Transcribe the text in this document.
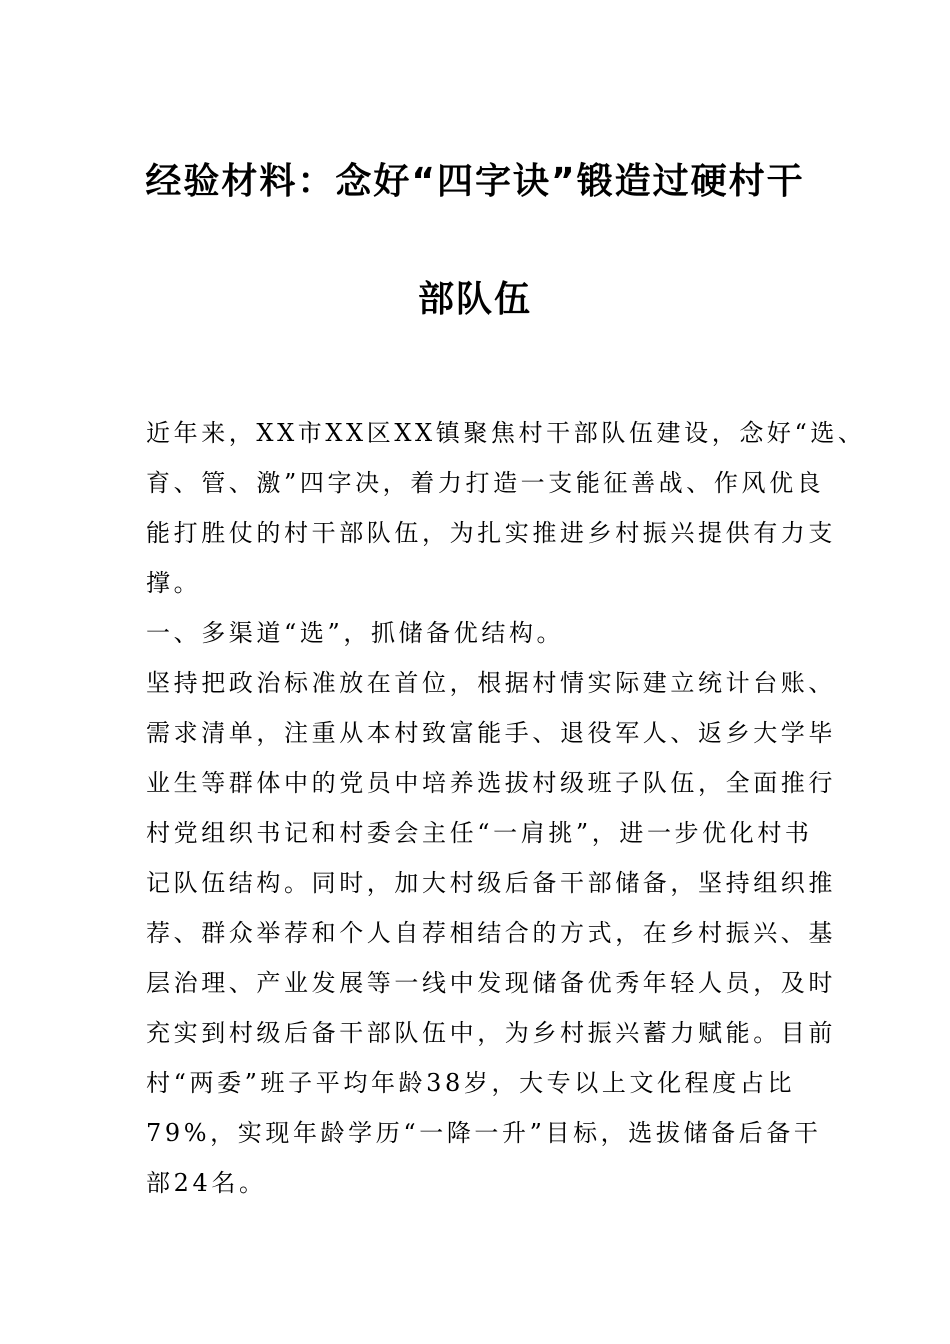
经验材料：念好“四字诀”锻造过硬村干
部队伍
近年来，XX市XX区XX镇聚焦村干部队伍建设，念好“选、
育、管、激”四字决，着力打造一支能征善战、作风优良
能打胜仗的村干部队伍，为扎实推进乡村振兴提供有力支
撑。
一、多渠道“选”，抓储备优结构。
坚持把政治标准放在首位，根据村情实际建立统计台账、
需求清单，注重从本村致富能手、退役军人、返乡大学毕
业生等群体中的党员中培养选拔村级班子队伍，全面推行
村党组织书记和村委会主任“一肩挑”，进一步优化村书
记队伍结构。同时，加大村级后备干部储备，坚持组织推
荐、群众举荐和个人自荐相结合的方式，在乡村振兴、基
层治理、产业发展等一线中发现储备优秀年轻人员，及时
充实到村级后备干部队伍中，为乡村振兴蓄力赋能。目前
村“两委”班子平均年龄38岁，大专以上文化程度占比
79%，实现年龄学历“一降一升”目标，选拔储备后备干
部24名。
